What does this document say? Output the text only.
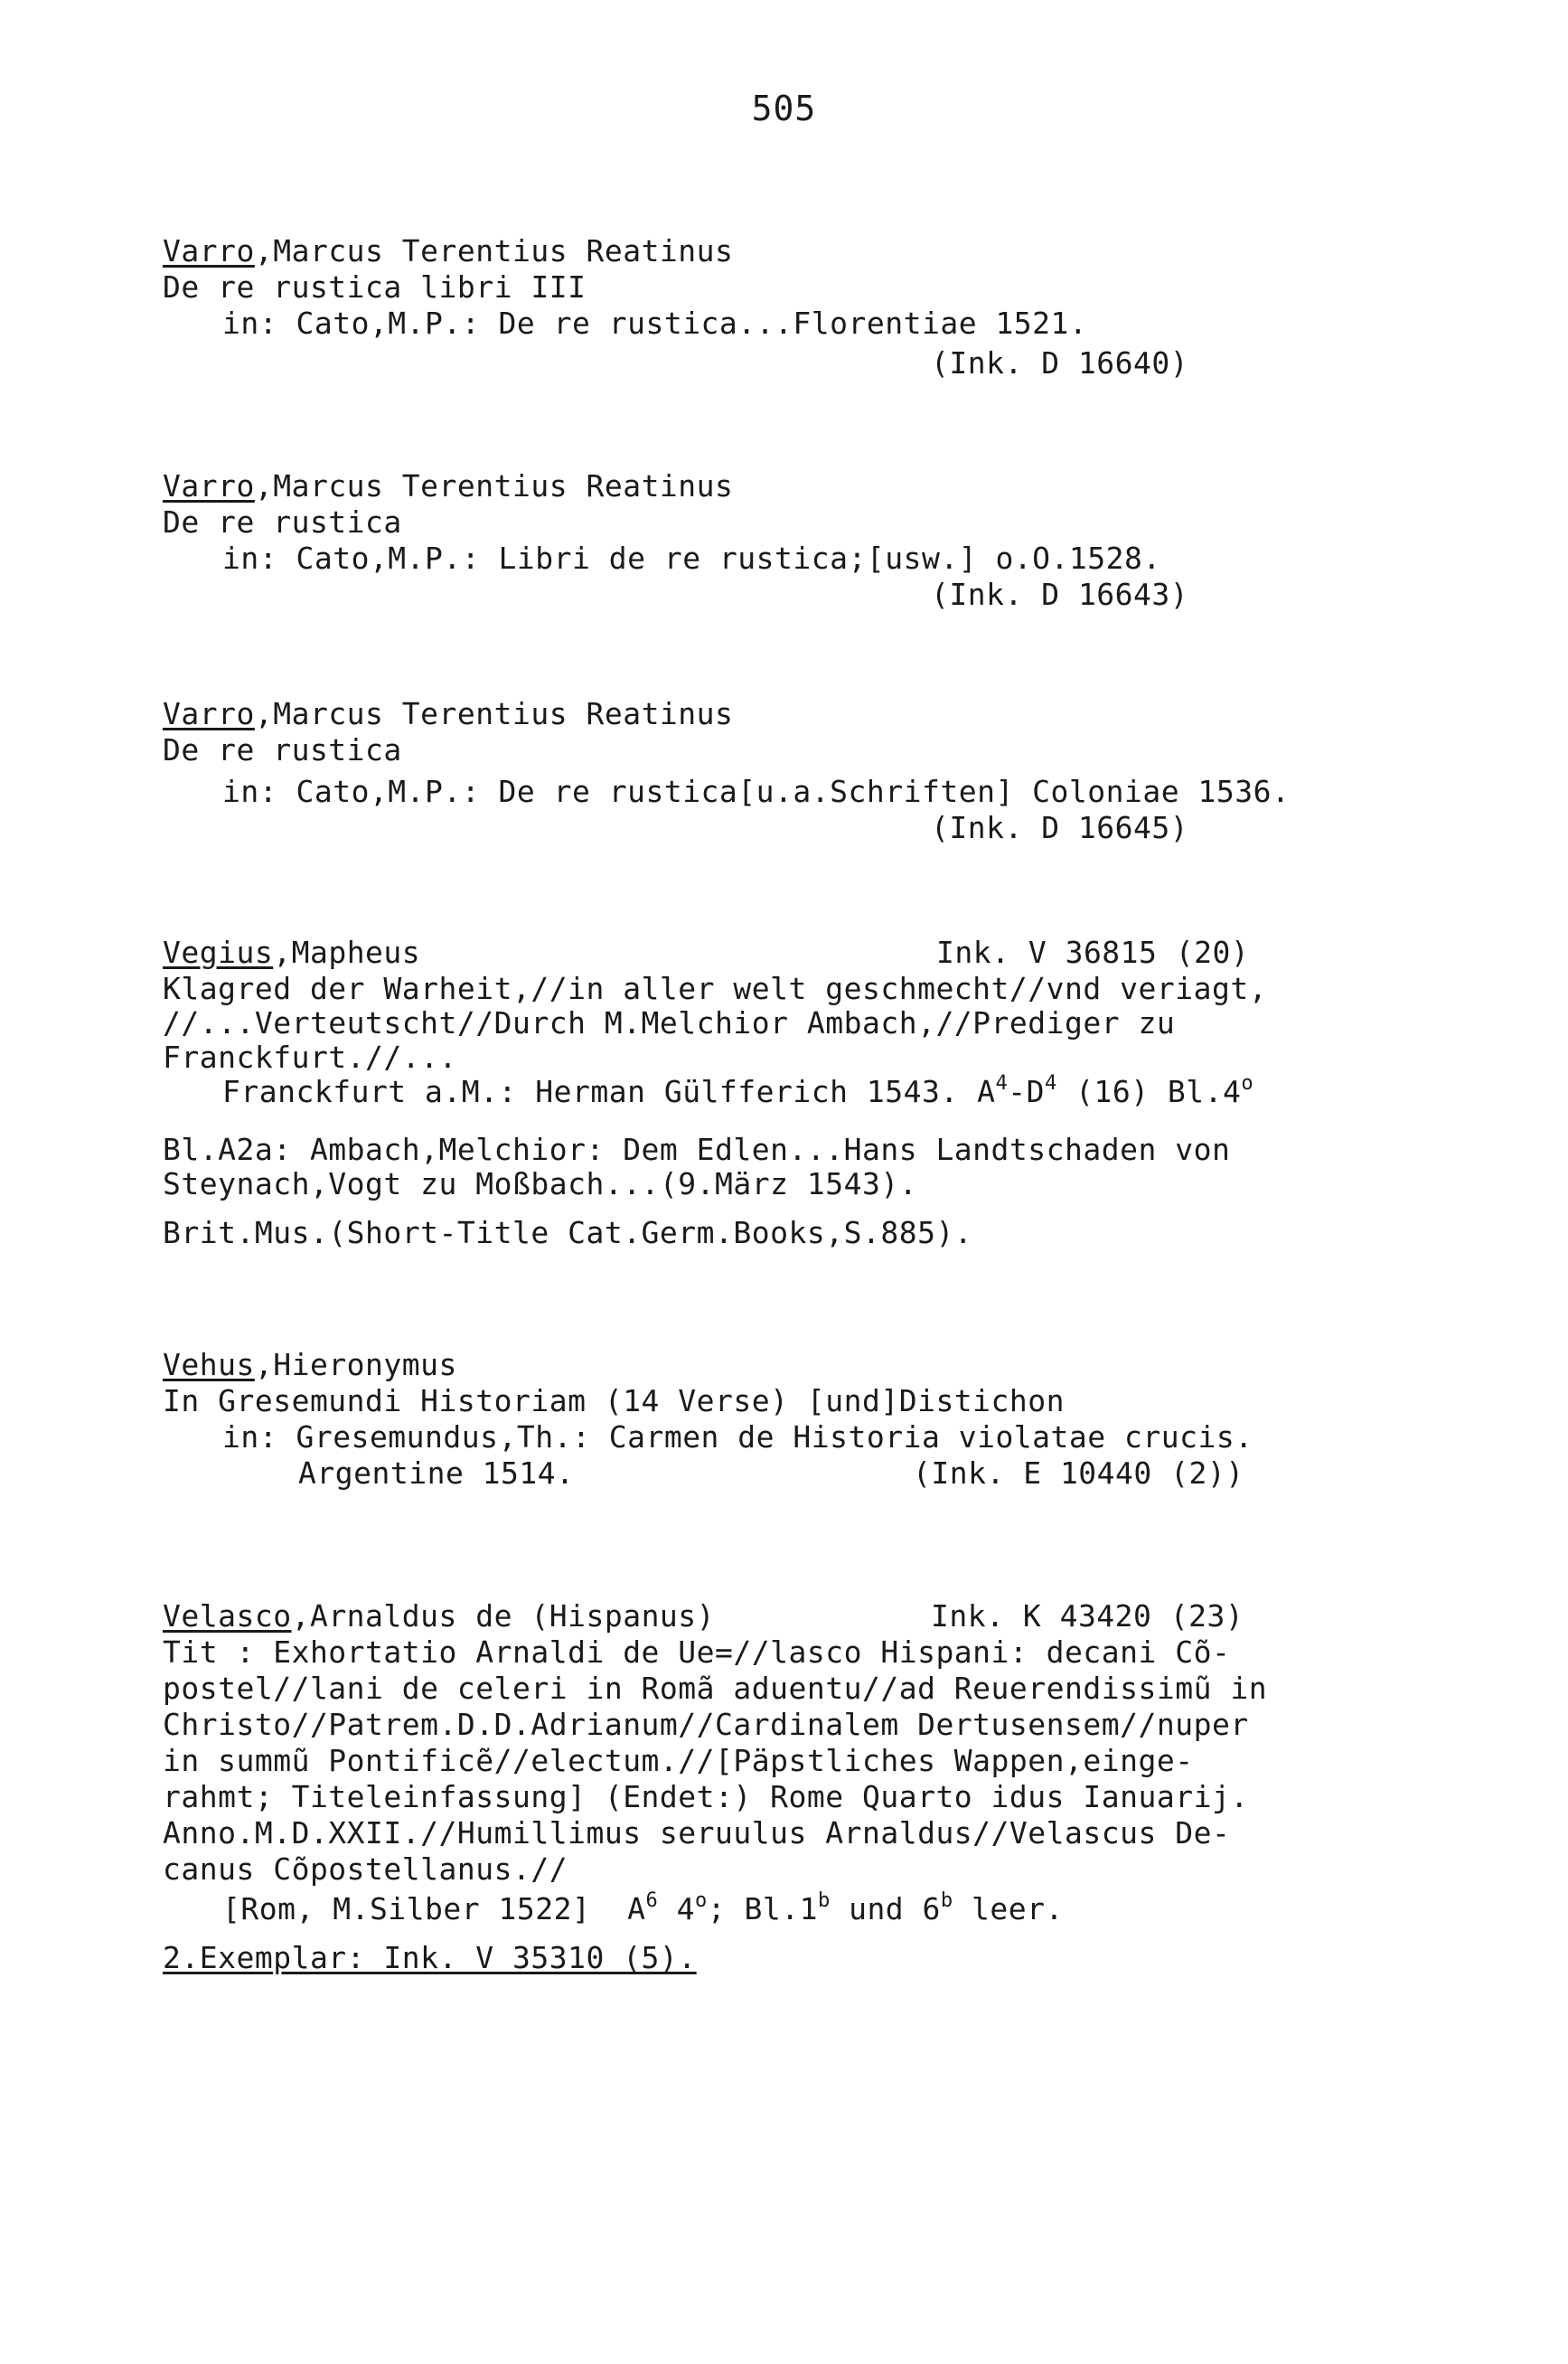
505
Varro,Marcus Terentius Reatinus
De re rustica libri III
in: Cato,M.P.: De re rustica...Florentiae 1521.
(Ink. D 16640)
Varro,Marcus Terentius Reatinus
De re rustica
in: Cato,M.P.: Libri de re rustica;[usw.] o.O.1528.
(Ink. D 16643)
Varro,Marcus Terentius Reatinus
De re rustica
in: Cato,M.P.: De re rustica[u.a.Schriften] Coloniae 1536.
(Ink. D 16645)
Vegius,Mapheus	Ink. V 36815 (20)
Klagred der Warheit,//in aller welt geschmecht//vnd veriagt,
//...Verteutscht//Durch M.Melchior Ambach,//Prediger zu
Franckfurt.//...
Franckfurt a.M.: Herman Gülfferich 1543. $A^4-D^4$ (16) Bl.4$^o$
Bl.A2a: Ambach,Melchior: Dem Edlen...Hans Landtschaden von
Steynach,Vogt zu Moßbach...(9.März 1543).
Brit.Mus.(Short-Title Cat.Germ.Books,S.885).
Vehus,Hieronymus
In Gresemundi Historiam (14 Verse) [und]Distichon
in: Gresemundus,Th.: Carmen de Historia violatae crucis.
Argentine 1514.	(Ink. E 10440 (2))
Velasco,Arnaldus de (Hispanus)	Ink. K 43420 (23)
Tit : Exhortatio Arnaldi de Ue=//lasco Hispani: decani Cõ-
postel//lani de celeri in Romã aduentu//ad Reuerendissimũ in
Christo//Patrem.D.D.Adrianum//Cardinalem Dertusensem//nuper
in summũ Pontificẽ//electum.//[Päpstliches Wappen,einge-
rahmt; Titeleinfassung] (Endet:) Rome Quarto idus Ianuarij.
Anno.M.D.XXII.//Humillimus seruulus Arnaldus//Velascus De-
canus Cõpostellanus.//
[Rom, M.Silber 1522] $A^6$ 4$^o$; Bl.1$^b$ und 6$^b$ leer.
2.Exemplar: Ink. V 35310 (5).
